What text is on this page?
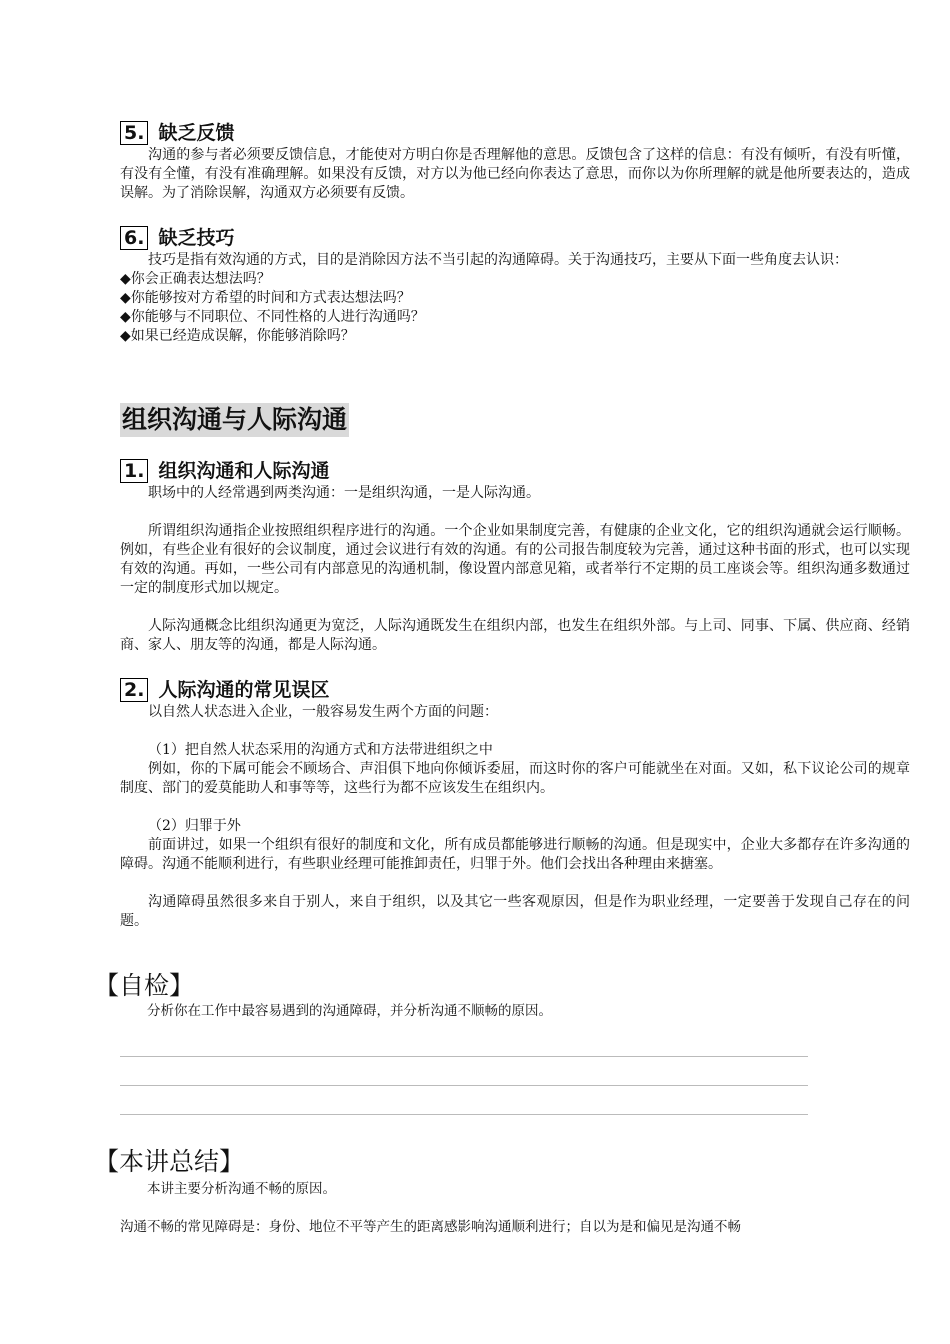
5. 缺乏反馈

沟通的参与者必须要反馈信息，才能使对方明白你是否理解他的意思。反馈包含了这样的信息：有没有倾听，有没有听懂，有没有全懂，有没有准确理解。如果没有反馈，对方以为他已经向你表达了意思，而你以为你所理解的就是他所要表达的，造成误解。为了消除误解，沟通双方必须要有反馈。

6. 缺乏技巧

技巧是指有效沟通的方式，目的是消除因方法不当引起的沟通障碍。关于沟通技巧，主要从下面一些角度去认识：

◆你会正确表达想法吗？
◆你能够按对方希望的时间和方式表达想法吗？
◆你能够与不同职位、不同性格的人进行沟通吗？
◆如果已经造成误解，你能够消除吗？
组织沟通与人际沟通
1. 组织沟通和人际沟通

职场中的人经常遇到两类沟通：一是组织沟通，一是人际沟通。

所谓组织沟通指企业按照组织程序进行的沟通。一个企业如果制度完善，有健康的企业文化，它的组织沟通就会运行顺畅。例如，有些企业有很好的会议制度，通过会议进行有效的沟通。有的公司报告制度较为完善，通过这种书面的形式，也可以实现有效的沟通。再如，一些公司有内部意见的沟通机制，像设置内部意见箱，或者举行不定期的员工座谈会等。组织沟通多数通过一定的制度形式加以规定。

人际沟通概念比组织沟通更为宽泛，人际沟通既发生在组织内部，也发生在组织外部。与上司、同事、下属、供应商、经销商、家人、朋友等的沟通，都是人际沟通。

2. 人际沟通的常见误区

以自然人状态进入企业，一般容易发生两个方面的问题：

（1）把自然人状态采用的沟通方式和方法带进组织之中

例如，你的下属可能会不顾场合、声泪俱下地向你倾诉委屈，而这时你的客户可能就坐在对面。又如，私下议论公司的规章制度、部门的爱莫能助人和事等等，这些行为都不应该发生在组织内。

（2）归罪于外

前面讲过，如果一个组织有很好的制度和文化，所有成员都能够进行顺畅的沟通。但是现实中，企业大多都存在许多沟通的障碍。沟通不能顺利进行，有些职业经理可能推卸责任，归罪于外。他们会找出各种理由来搪塞。

沟通障碍虽然很多来自于别人，来自于组织，以及其它一些客观原因，但是作为职业经理，一定要善于发现自己存在的问题。

【自检】

分析你在工作中最容易遇到的沟通障碍，并分析沟通不顺畅的原因。

【本讲总结】

本讲主要分析沟通不畅的原因。

沟通不畅的常见障碍是：身份、地位不平等产生的距离感影响沟通顺利进行；自以为是和偏见是沟通不畅
